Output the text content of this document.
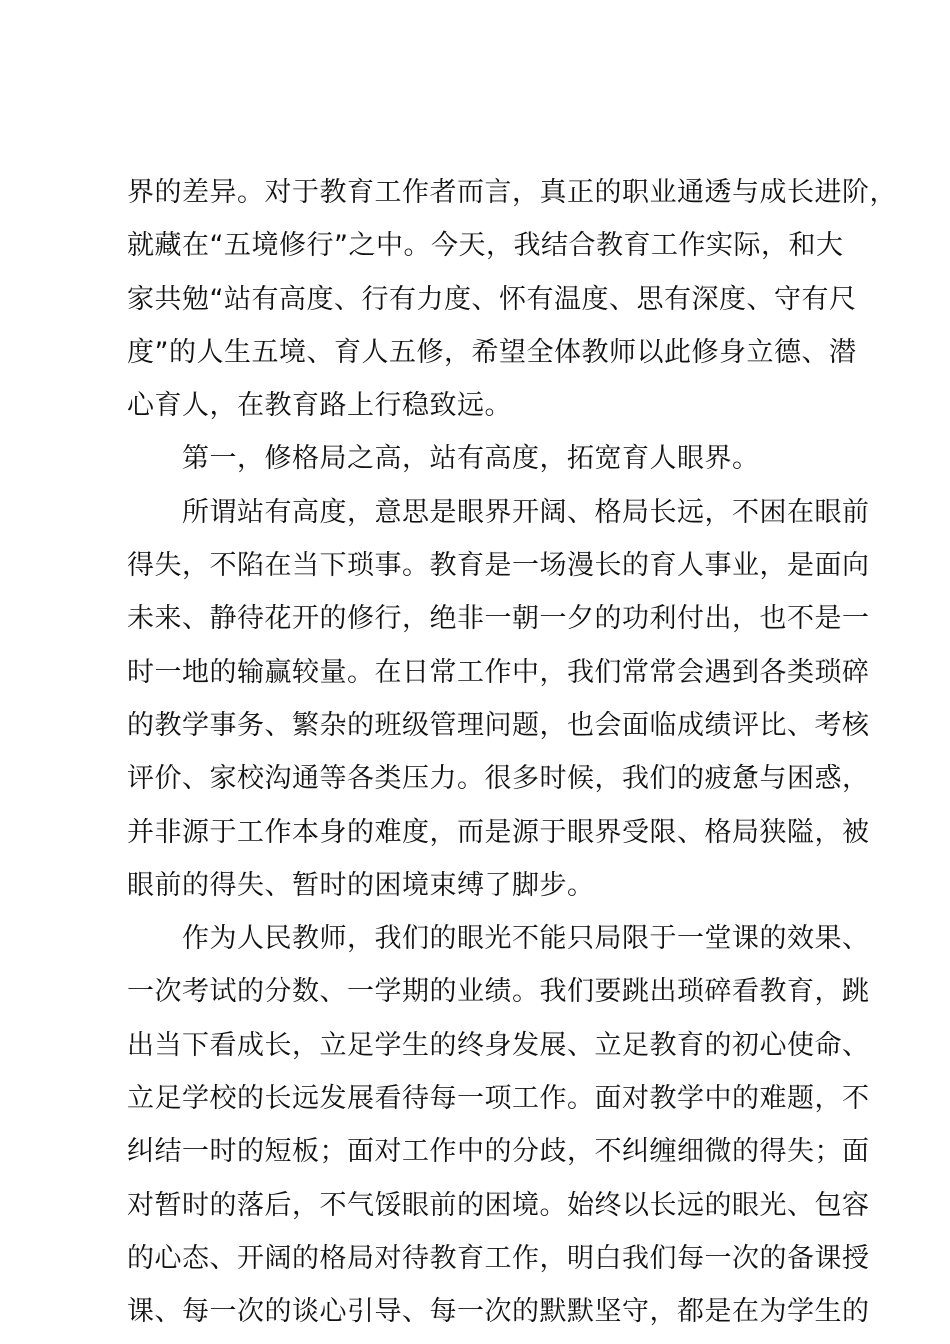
界的差异。对于教育工作者而言，真正的职业通透与成长进阶，
就藏在“五境修行”之中。今天，我结合教育工作实际，和大
家共勉“站有高度、行有力度、怀有温度、思有深度、守有尺
度”的人生五境、育人五修，希望全体教师以此修身立德、潜
心育人，在教育路上行稳致远。
　　第一，修格局之高，站有高度，拓宽育人眼界。
　　所谓站有高度，意思是眼界开阔、格局长远，不困在眼前
得失，不陷在当下琐事。教育是一场漫长的育人事业，是面向
未来、静待花开的修行，绝非一朝一夕的功利付出，也不是一
时一地的输赢较量。在日常工作中，我们常常会遇到各类琐碎
的教学事务、繁杂的班级管理问题，也会面临成绩评比、考核
评价、家校沟通等各类压力。很多时候，我们的疲惫与困惑，
并非源于工作本身的难度，而是源于眼界受限、格局狭隘，被
眼前的得失、暂时的困境束缚了脚步。
　　作为人民教师，我们的眼光不能只局限于一堂课的效果、
一次考试的分数、一学期的业绩。我们要跳出琐碎看教育，跳
出当下看成长，立足学生的终身发展、立足教育的初心使命、
立足学校的长远发展看待每一项工作。面对教学中的难题，不
纠结一时的短板；面对工作中的分歧，不纠缠细微的得失；面
对暂时的落后，不气馁眼前的困境。始终以长远的眼光、包容
的心态、开阔的格局对待教育工作，明白我们每一次的备课授
课、每一次的谈心引导、每一次的默默坚守，都是在为学生的
